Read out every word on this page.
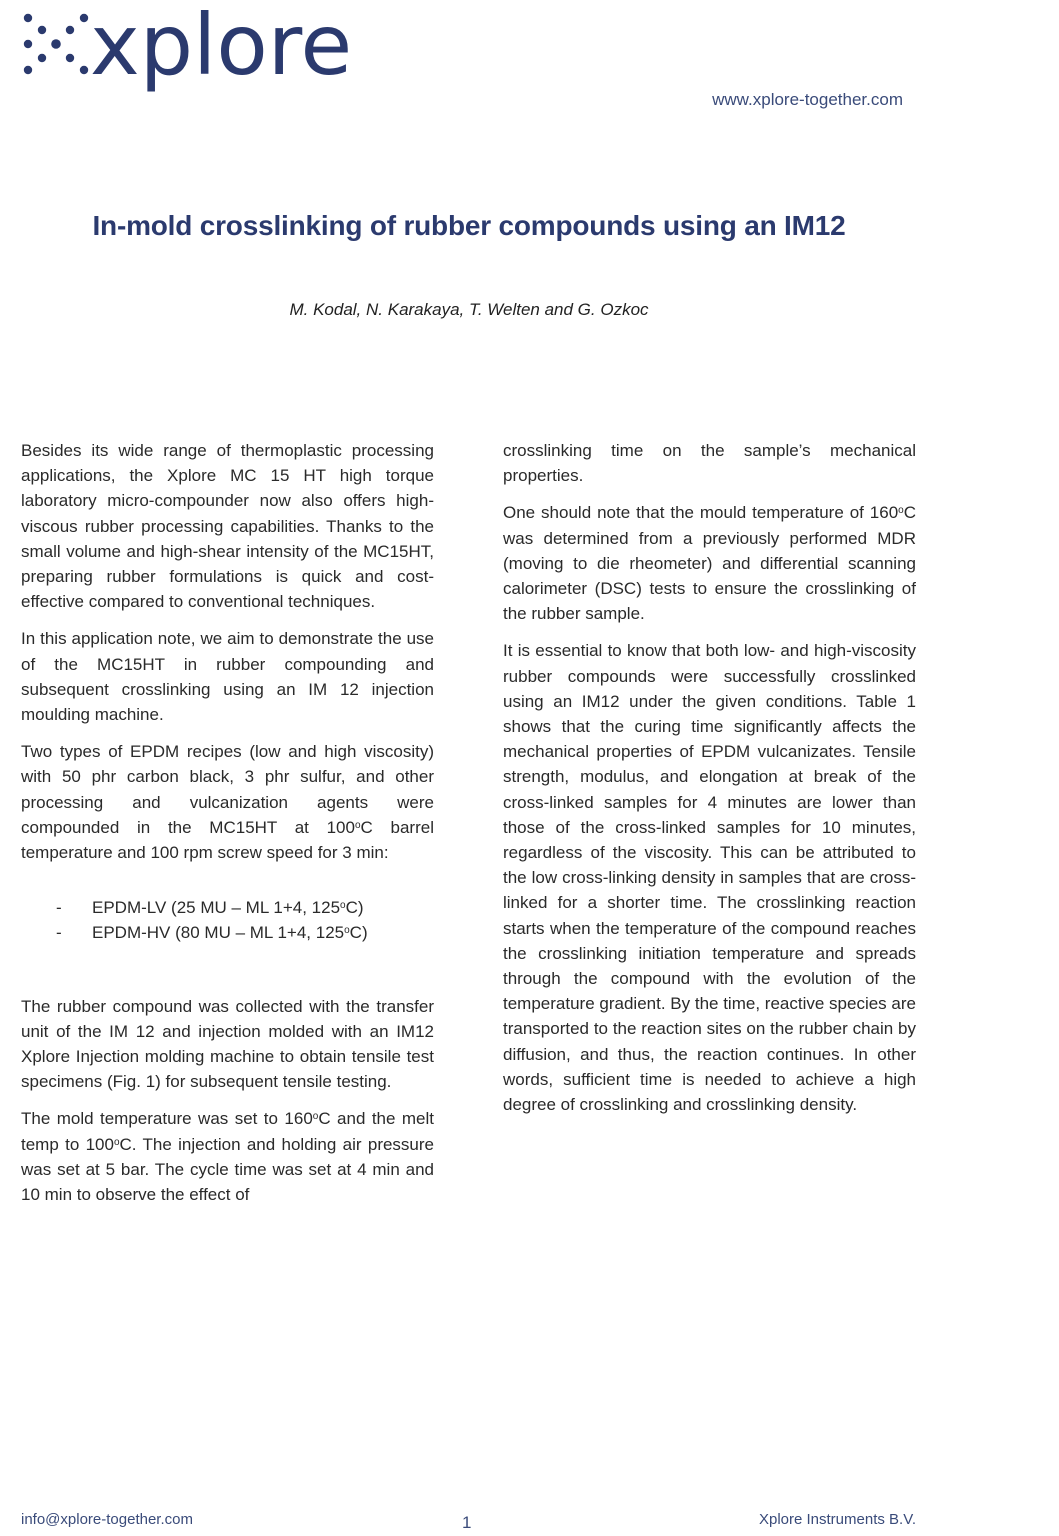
xplore
www.xplore-together.com
In-mold crosslinking of rubber compounds using an IM12
M. Kodal, N. Karakaya, T. Welten and G. Ozkoc

Besides its wide range of thermoplastic processing applications, the Xplore MC 15 HT high torque laboratory micro-compounder now also offers high-viscous rubber processing capabilities. Thanks to the small volume and high-shear intensity of the MC15HT, preparing rubber formulations is quick and cost-effective compared to conventional techniques.

In this application note, we aim to demonstrate the use of the MC15HT in rubber compounding and subsequent crosslinking using an IM 12 injection moulding machine.

Two types of EPDM recipes (low and high viscosity) with 50 phr carbon black, 3 phr sulfur, and other processing and vulcanization agents were compounded in the MC15HT at 100$^o$C barrel temperature and 100 rpm screw speed for 3 min:

- EPDM-LV (25 MU – ML 1+4, 125$^o$C)
- EPDM-HV (80 MU – ML 1+4, 125$^o$C)

The rubber compound was collected with the transfer unit of the IM 12 and injection molded with an IM12 Xplore Injection molding machine to obtain tensile test specimens (Fig. 1) for subsequent tensile testing.

The mold temperature was set to 160$^o$C and the melt temp to 100$^o$C. The injection and holding air pressure was set at 5 bar. The cycle time was set at 4 min and 10 min to observe the effect of

crosslinking time on the sample’s mechanical properties.

One should note that the mould temperature of 160$^o$C was determined from a previously performed MDR (moving to die rheometer) and differential scanning calorimeter (DSC) tests to ensure the crosslinking of the rubber sample.

It is essential to know that both low- and high-viscosity rubber compounds were successfully crosslinked using an IM12 under the given conditions. Table 1 shows that the curing time significantly affects the mechanical properties of EPDM vulcanizates. Tensile strength, modulus, and elongation at break of the cross-linked samples for 4 minutes are lower than those of the cross-linked samples for 10 minutes, regardless of the viscosity. This can be attributed to the low cross-linking density in samples that are cross-linked for a shorter time. The crosslinking reaction starts when the temperature of the compound reaches the crosslinking initiation temperature and spreads through the compound with the evolution of the temperature gradient. By the time, reactive species are transported to the reaction sites on the rubber chain by diffusion, and thus, the reaction continues. In other words, sufficient time is needed to achieve a high degree of crosslinking and crosslinking density.

info@xplore-together.com	1	Xplore Instruments B.V.
